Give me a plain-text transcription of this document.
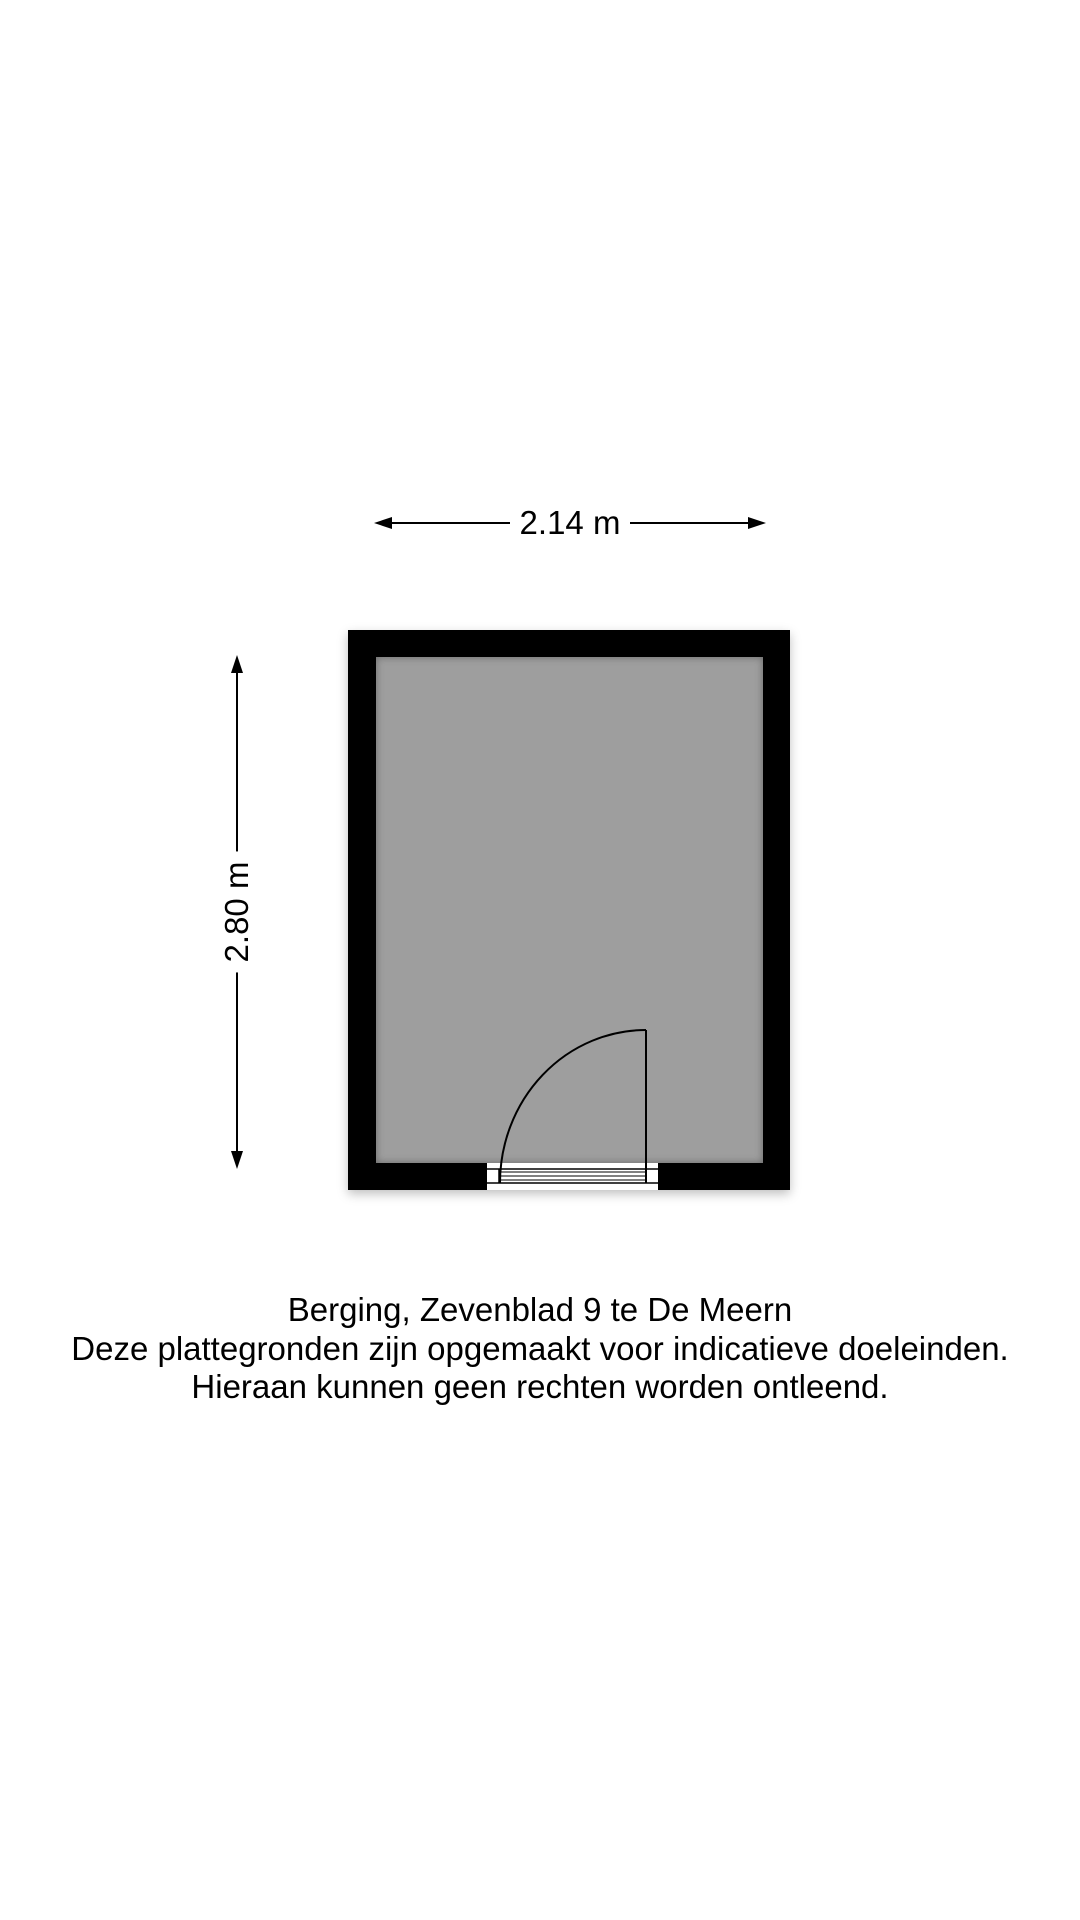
2.14 m
2.80 m
Berging, Zevenblad 9 te De Meern
Deze plattegronden zijn opgemaakt voor indicatieve doeleinden.
Hieraan kunnen geen rechten worden ontleend.
